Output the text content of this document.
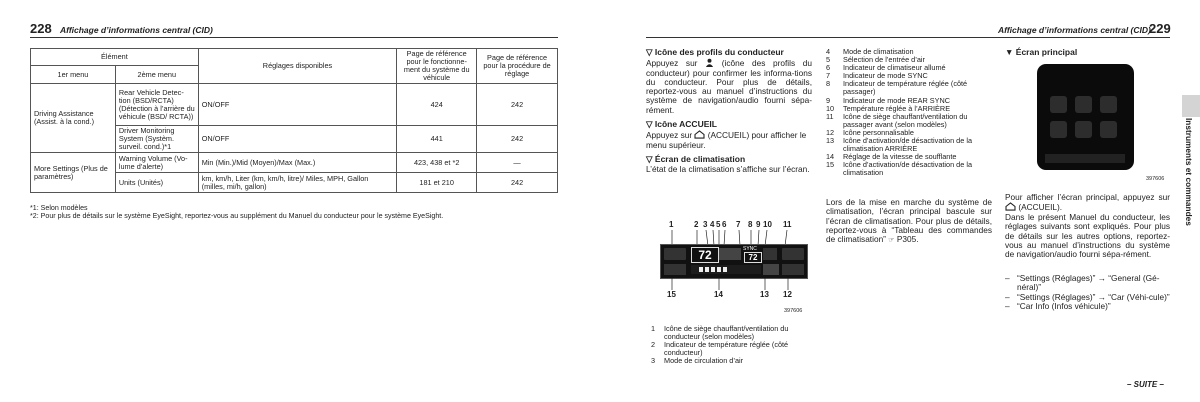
228 Affichage d’informations central (CID)
Élément		Réglages disponibles	Page de référence pour le fonctionne-ment du système du véhicule	Page de référence pour la procédure de réglage
1er menu	2ème menu			
Driving Assistance (Assist. à la cond.)	Rear Vehicle Detec-tion (BSD/RCTA) (Détection à l’arrière du véhicule (BSD/ RCTA))	ON/OFF	424	242
	Driver Monitoring System (Systèm. surveil. cond.)*1	ON/OFF	441	242
More Settings (Plus de paramètres)	Warning Volume (Vo-lume d’alerte)	Min (Min.)/Mid (Moyen)/Max (Max.)	423, 438 et *2	—
	Units (Unités)	km, km/h, Liter (km, km/h, litre)/ Miles, MPH, Gallon (milles, mi/h, gallon)	181 et 210	242
*1: Selon modèles
*2: Pour plus de détails sur le système EyeSight, reportez-vous au supplément du Manuel du conducteur pour le système EyeSight.
▽ Icône des profils du conducteur
Appuyez sur	(icône des profils du conducteur) pour confirmer les informa-tions du conducteur. Pour plus de détails, reportez-vous au manuel d’instructions du système de navigation/audio fourni sépa-rément.
▽ Icône ACCUEIL
Appuyez sur (ACCUEIL) pour afficher le menu supérieur.
▽ Écran de climatisation
L’état de la climatisation s’affiche sur l’écran.
1	2 3 4 5 6 7 8 9 10 11
72	SYNC
72
15	14	13 12
397606
1	Icône de siège chauffant/ventilation du conducteur (selon modèles)
2	Indicateur de température réglée (côté conducteur)
3	Mode de circulation d’air
4	Mode de climatisation
5	Sélection de l’entrée d’air
6	Indicateur de climatiseur allumé
7	Indicateur de mode SYNC
8	Indicateur de température réglée (côté passager)
9	Indicateur de mode REAR SYNC
10	Température réglée à l’ARRIÈRE
11	Icône de siège chauffant/ventilation du passager avant (selon modèles)
12	Icône personnalisable
13	Icône d’activation/de désactivation de la climatisation ARRIÈRE
14	Réglage de la vitesse de soufflante
15	Icône d’activation/de désactivation de la climatisation
Lors de la mise en marche du système de climatisation, l’écran principal bascule sur l’écran de climatisation. Pour plus de détails, reportez-vous à “Tableau des commandes de climatisation” ☞ P305.
Affichage d’informations central (CID)
229
▼ Écran principal
397606
Pour afficher l’écran principal, appuyez sur  (ACCUEIL).
Dans le présent Manuel du conducteur, les réglages suivants sont expliqués. Pour plus de détails sur les autres options, reportez-vous au manuel d’instructions du système de navigation/audio fourni sépa-rément.
– “Settings (Réglages)” → “General (Gé-néral)”
– “Settings (Réglages)” → “Car (Véhi-cule)”
– “Car Info (Infos véhicule)”
Instruments et commandes
– SUITE –
